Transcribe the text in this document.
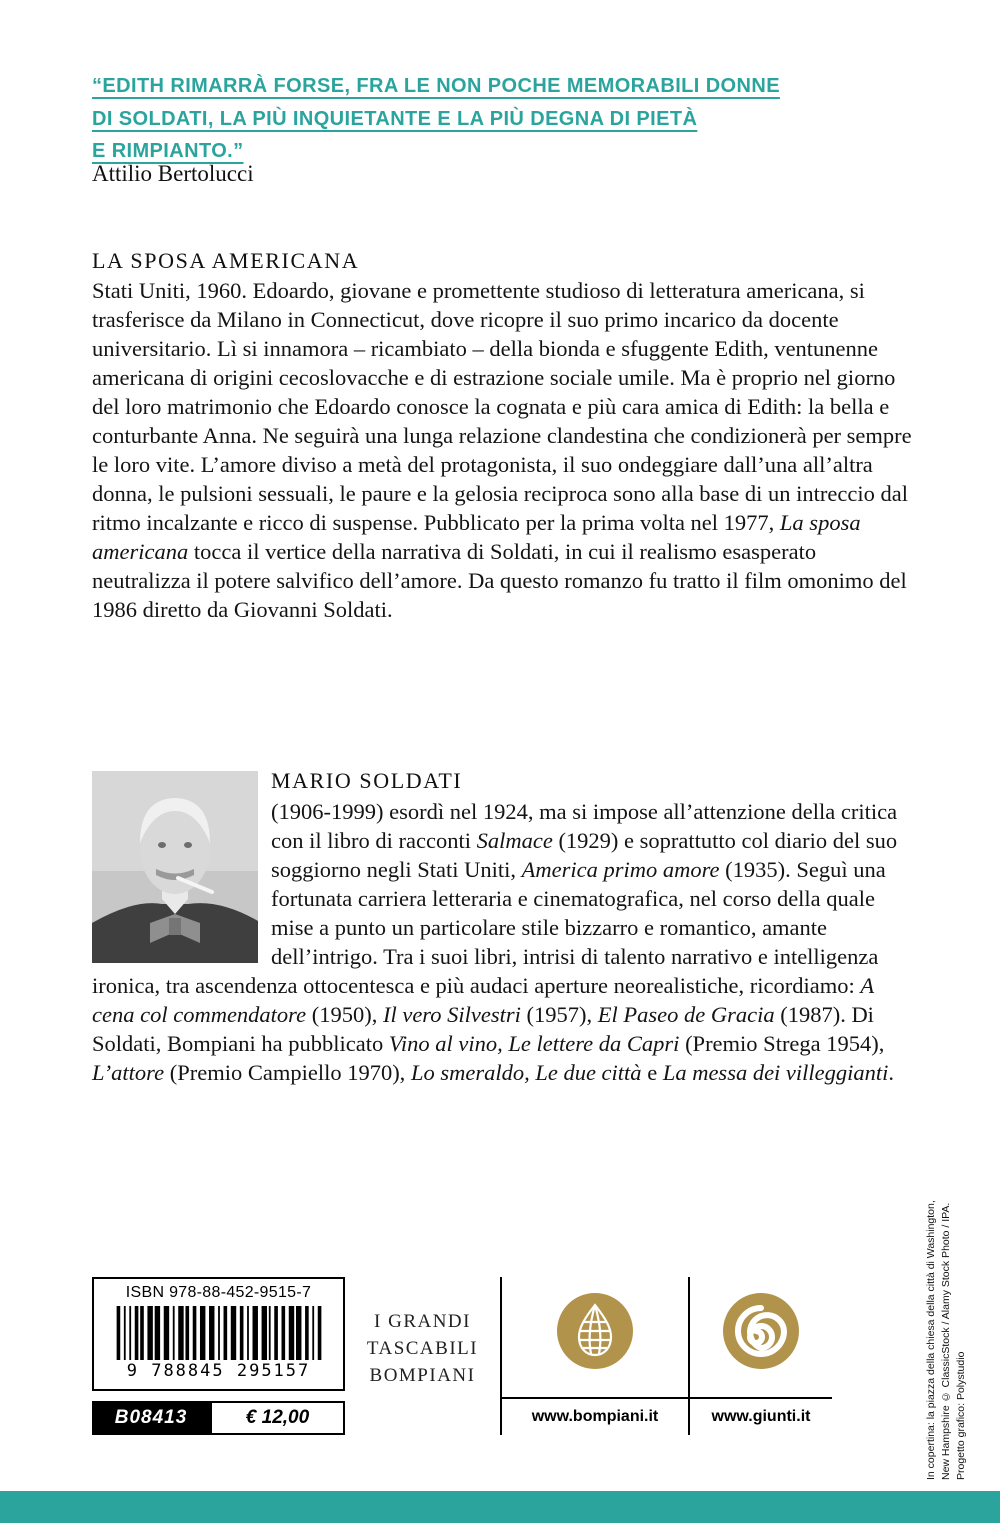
“EDITH RIMARRÀ FORSE, FRA LE NON POCHE MEMORABILI DONNE
DI SOLDATI, LA PIÙ INQUIETANTE E LA PIÙ DEGNA DI PIETÀ
E RIMPIANTO.”
Attilio Bertolucci
LA SPOSA AMERICANA
Stati Uniti, 1960. Edoardo, giovane e promettente studioso di letteratura americana, si trasferisce da Milano in Connecticut, dove ricopre il suo primo incarico da docente universitario. Lì si innamora – ricambiato – della bionda e sfuggente Edith, ventunenne americana di origini cecoslovacche e di estrazione sociale umile. Ma è proprio nel giorno del loro matrimonio che Edoardo conosce la cognata e più cara amica di Edith: la bella e conturbante Anna. Ne seguirà una lunga relazione clandestina che condizionerà per sempre le loro vite. L’amore diviso a metà del protagonista, il suo ondeggiare dall’una all’altra donna, le pulsioni sessuali, le paure e la gelosia reciproca sono alla base di un intreccio dal ritmo incalzante e ricco di suspense. Pubblicato per la prima volta nel 1977, La sposa americana tocca il vertice della narrativa di Soldati, in cui il realismo esasperato neutralizza il potere salvifico dell’amore. Da questo romanzo fu tratto il film omonimo del 1986 diretto da Giovanni Soldati.
MARIO SOLDATI
(1906-1999) esordì nel 1924, ma si impose all’attenzione della critica con il libro di racconti Salmace (1929) e soprattutto col diario del suo soggiorno negli Stati Uniti, America primo amore (1935). Seguì una fortunata carriera letteraria e cinematografica, nel corso della quale mise a punto un particolare stile bizzarro e romantico, amante dell’intrigo. Tra i suoi libri, intrisi di talento narrativo e intelligenza ironica, tra ascendenza ottocentesca e più audaci aperture neorealistiche, ricordiamo: A cena col commendatore (1950), Il vero Silvestri (1957), El Paseo de Gracia (1987). Di Soldati, Bompiani ha pubblicato Vino al vino, Le lettere da Capri (Premio Strega 1954), L’attore (Premio Campiello 1970), Lo smeraldo, Le due città e La messa dei villeggianti.
ISBN 978-88-452-9515-7
9 788845 295157
B08413	€ 12,00
I GRANDI
TASCABILI
BOMPIANI
www.bompiani.it	www.giunti.it	In copertina: la piazza della chiesa della città di Washington, New Hampshire © ClassicStock / Alamy Stock Photo / IPA. Progetto grafico: Polystudio
